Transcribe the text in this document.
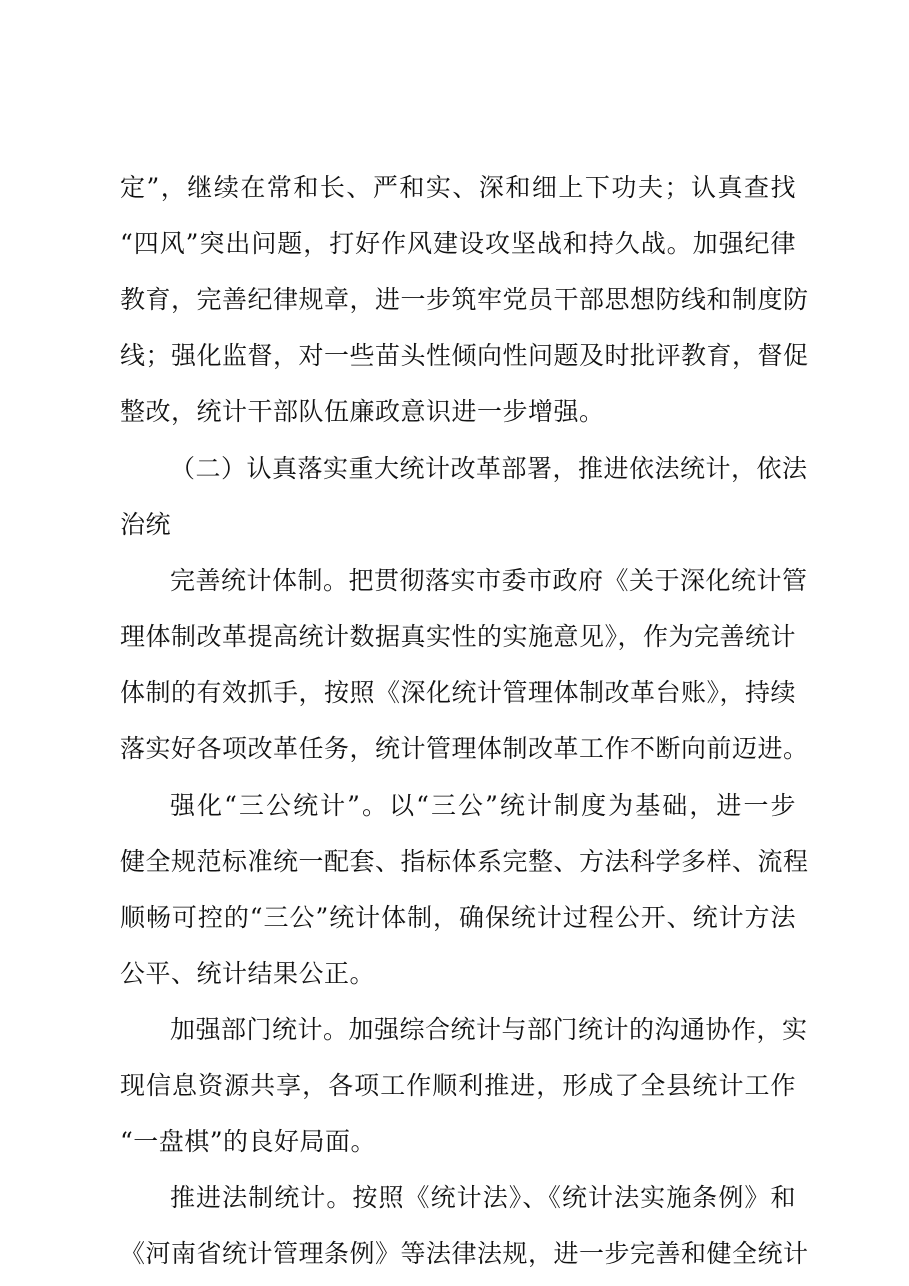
定”，继续在常和长、严和实、深和细上下功夫；认真查找
“四风”突出问题，打好作风建设攻坚战和持久战。加强纪律
教育，完善纪律规章，进一步筑牢党员干部思想防线和制度防
线；强化监督，对一些苗头性倾向性问题及时批评教育，督促
整改，统计干部队伍廉政意识进一步增强。
（二）认真落实重大统计改革部署，推进依法统计，依法
治统
完善统计体制。把贯彻落实市委市政府《关于深化统计管
理体制改革提高统计数据真实性的实施意见》，作为完善统计
体制的有效抓手，按照《深化统计管理体制改革台账》，持续
落实好各项改革任务，统计管理体制改革工作不断向前迈进。
强化“三公统计”。以“三公”统计制度为基础，进一步
健全规范标准统一配套、指标体系完整、方法科学多样、流程
顺畅可控的“三公”统计体制，确保统计过程公开、统计方法
公平、统计结果公正。
加强部门统计。加强综合统计与部门统计的沟通协作，实
现信息资源共享，各项工作顺利推进，形成了全县统计工作
“一盘棋”的良好局面。
推进法制统计。按照《统计法》、《统计法实施条例》和
《河南省统计管理条例》等法律法规，进一步完善和健全统计
